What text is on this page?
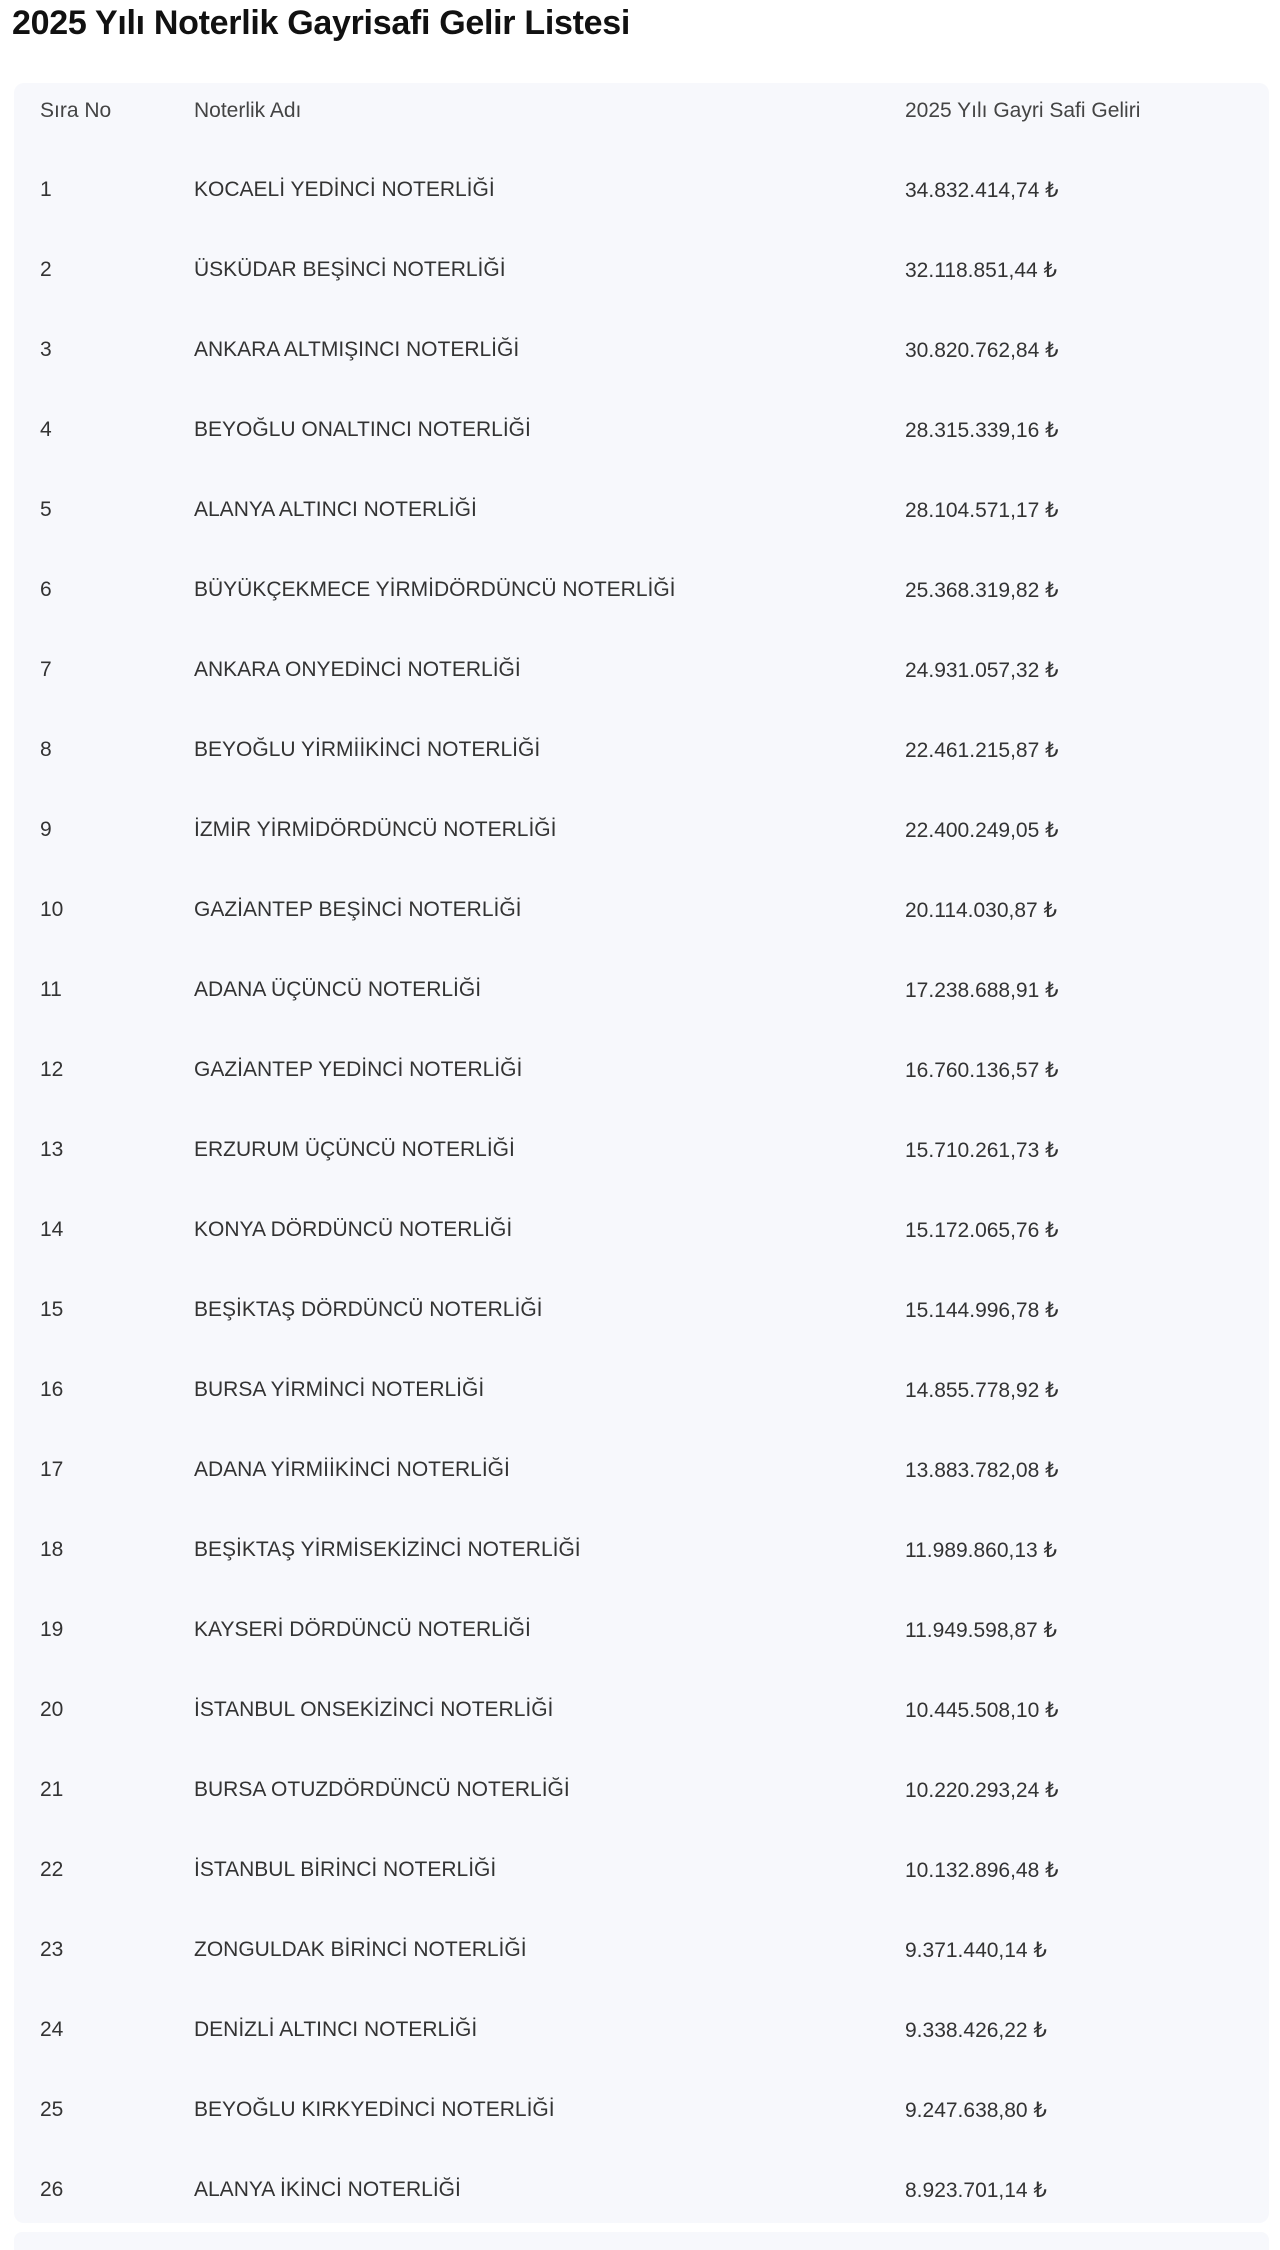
2025 Yılı Noterlik Gayrisafi Gelir Listesi
Sıra No	Noterlik Adı	2025 Yılı Gayri Safi Geliri
1	KOCAELİ YEDİNCİ NOTERLİĞİ	34.832.414,74 ₺
2	ÜSKÜDAR BEŞİNCİ NOTERLİĞİ	32.118.851,44 ₺
3	ANKARA ALTMIŞINCI NOTERLİĞİ	30.820.762,84 ₺
4	BEYOĞLU ONALTINCI NOTERLİĞİ	28.315.339,16 ₺
5	ALANYA ALTINCI NOTERLİĞİ	28.104.571,17 ₺
6	BÜYÜKÇEKMECE YİRMİDÖRDÜNCÜ NOTERLİĞİ	25.368.319,82 ₺
7	ANKARA ONYEDİNCİ NOTERLİĞİ	24.931.057,32 ₺
8	BEYOĞLU YİRMİİKİNCİ NOTERLİĞİ	22.461.215,87 ₺
9	İZMİR YİRMİDÖRDÜNCÜ NOTERLİĞİ	22.400.249,05 ₺
10	GAZİANTEP BEŞİNCİ NOTERLİĞİ	20.114.030,87 ₺
11	ADANA ÜÇÜNCÜ NOTERLİĞİ	17.238.688,91 ₺
12	GAZİANTEP YEDİNCİ NOTERLİĞİ	16.760.136,57 ₺
13	ERZURUM ÜÇÜNCÜ NOTERLİĞİ	15.710.261,73 ₺
14	KONYA DÖRDÜNCÜ NOTERLİĞİ	15.172.065,76 ₺
15	BEŞİKTAŞ DÖRDÜNCÜ NOTERLİĞİ	15.144.996,78 ₺
16	BURSA YİRMİNCİ NOTERLİĞİ	14.855.778,92 ₺
17	ADANA YİRMİİKİNCİ NOTERLİĞİ	13.883.782,08 ₺
18	BEŞİKTAŞ YİRMİSEKİZİNCİ NOTERLİĞİ	11.989.860,13 ₺
19	KAYSERİ DÖRDÜNCÜ NOTERLİĞİ	11.949.598,87 ₺
20	İSTANBUL ONSEKİZİNCİ NOTERLİĞİ	10.445.508,10 ₺
21	BURSA OTUZDÖRDÜNCÜ NOTERLİĞİ	10.220.293,24 ₺
22	İSTANBUL BİRİNCİ NOTERLİĞİ	10.132.896,48 ₺
23	ZONGULDAK BİRİNCİ NOTERLİĞİ	9.371.440,14 ₺
24	DENİZLİ ALTINCI NOTERLİĞİ	9.338.426,22 ₺
25	BEYOĞLU KIRKYEDİNCİ NOTERLİĞİ	9.247.638,80 ₺
26	ALANYA İKİNCİ NOTERLİĞİ	8.923.701,14 ₺
